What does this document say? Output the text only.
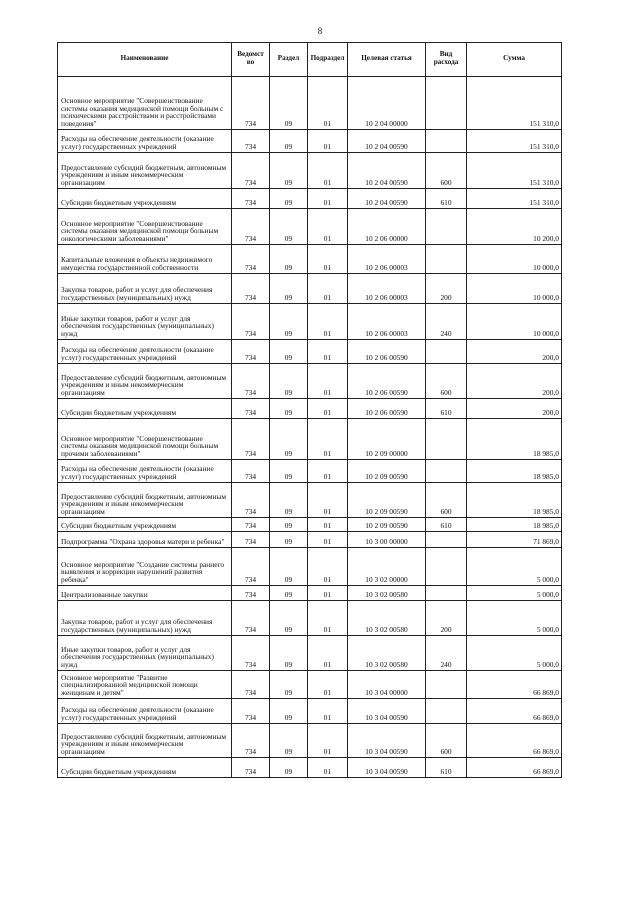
8
Наименование	Ведомст во	Раздел	Подраздел	Целевая статья	Вид расхода	Сумма
Основное мероприятие "Совершенствование системы оказания медицинской помощи больным с психическими расстройствами и расстройствами поведения"	734	09	01	10 2 04 00000		151 310,0
Расходы на обеспечение деятельности (оказание услуг) государственных учреждений	734	09	01	10 2 04 00590		151 310,0
Предоставление субсидий бюджетным, автономным учреждениям и иным некоммерческим организациям	734	09	01	10 2 04 00590	600	151 310,0
Субсидии бюджетным учреждениям	734	09	01	10 2 04 00590	610	151 310,0
Основное мероприятие "Совершенствование системы оказания медицинской помощи больным онкологическими заболеваниями"	734	09	01	10 2 06 00000		10 200,0
Капитальные вложения в объекты недвижимого имущества государственной собственности	734	09	01	10 2 06 00003		10 000,0
Закупка товаров, работ и услуг для обеспечения государственных (муниципальных) нужд	734	09	01	10 2 06 00003	200	10 000,0
Иные закупки товаров, работ и услуг для обеспечения государственных (муниципальных) нужд	734	09	01	10 2 06 00003	240	10 000,0
Расходы на обеспечение деятельности (оказание услуг) государственных учреждений	734	09	01	10 2 06 00590		200,0
Предоставление субсидий бюджетным, автономным учреждениям и иным некоммерческим организациям	734	09	01	10 2 06 00590	600	200,0
Субсидии бюджетным учреждениям	734	09	01	10 2 06 00590	610	200,0
Основное мероприятие "Совершенствование системы оказания медицинской помощи больным прочими заболеваниями"	734	09	01	10 2 09 00000		18 985,0
Расходы на обеспечение деятельности (оказание услуг) государственных учреждений	734	09	01	10 2 09 00590		18 985,0
Предоставление субсидий бюджетным, автономным учреждениям и иным некоммерческим организациям	734	09	01	10 2 09 00590	600	18 985,0
Субсидии бюджетным учреждениям	734	09	01	10 2 09 00590	610	18 985,0
Подпрограмма "Охрана здоровья матери и ребенка"	734	09	01	10 3 00 00000		71 869,0
Основное мероприятие "Создание системы раннего выявления и коррекции нарушений развития ребенка"	734	09	01	10 3 02 00000		5 000,0
Централизованные закупки	734	09	01	10 3 02 00580		5 000,0
Закупка товаров, работ и услуг для обеспечения государственных (муниципальных) нужд	734	09	01	10 3 02 00580	200	5 000,0
Иные закупки товаров, работ и услуг для обеспечения государственных (муниципальных) нужд	734	09	01	10 3 02 00580	240	5 000,0
Основное мероприятие "Развитие специализированной медицинской помощи женщинам и детям"	734	09	01	10 3 04 00000		66 869,0
Расходы на обеспечение деятельности (оказание услуг) государственных учреждений	734	09	01	10 3 04 00590		66 869,0
Предоставление субсидий бюджетным, автономным учреждениям и иным некоммерческим организациям	734	09	01	10 3 04 00590	600	66 869,0
Субсидии бюджетным учреждениям	734	09	01	10 3 04 00590	610	66 869,0
